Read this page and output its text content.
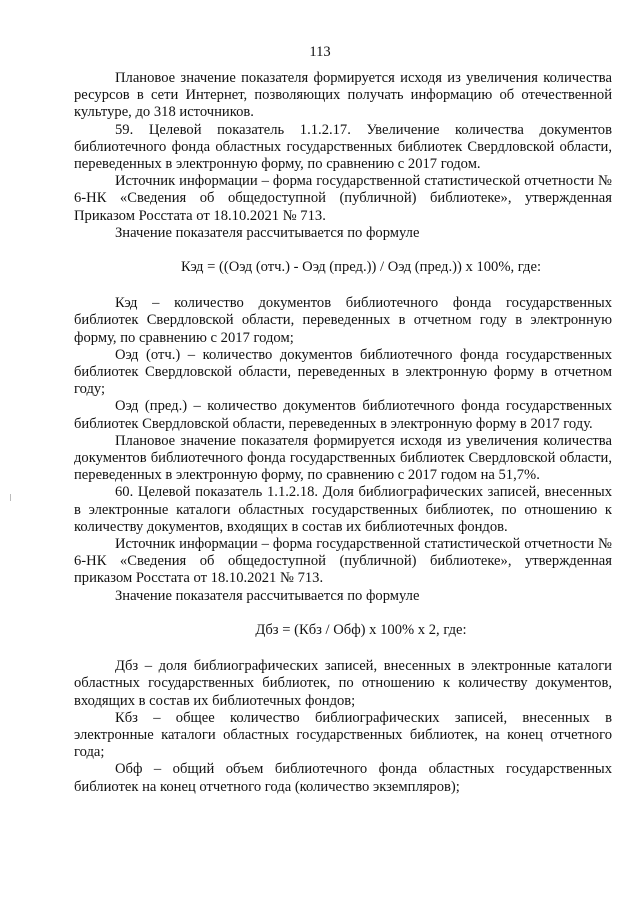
113

Плановое значение показателя формируется исходя из увеличения количества ресурсов в сети Интернет, позволяющих получать информацию об отечественной культуре, до 318 источников.

59. Целевой показатель 1.1.2.17. Увеличение количества документов библиотечного фонда областных государственных библиотек Свердловской области, переведенных в электронную форму, по сравнению с 2017 годом.

Источник информации – форма государственной статистической отчетности № 6-НК «Сведения об общедоступной (публичной) библиотеке», утвержденная Приказом Росстата от 18.10.2021 № 713.

Значение показателя рассчитывается по формуле

Кэд = ((Оэд (отч.) - Оэд (пред.)) / Оэд (пред.)) x 100%, где:

Кэд – количество документов библиотечного фонда государственных библиотек Свердловской области, переведенных в отчетном году в электронную форму, по сравнению с 2017 годом;

Оэд (отч.) – количество документов библиотечного фонда государственных библиотек Свердловской области, переведенных в электронную форму в отчетном году;

Оэд (пред.) – количество документов библиотечного фонда государственных библиотек Свердловской области, переведенных в электронную форму в 2017 году.

Плановое значение показателя формируется исходя из увеличения количества документов библиотечного фонда государственных библиотек Свердловской области, переведенных в электронную форму, по сравнению с 2017 годом на 51,7%.

60. Целевой показатель 1.1.2.18. Доля библиографических записей, внесенных в электронные каталоги областных государственных библиотек, по отношению к количеству документов, входящих в состав их библиотечных фондов.

Источник информации – форма государственной статистической отчетности № 6-НК «Сведения об общедоступной (публичной) библиотеке», утвержденная приказом Росстата от 18.10.2021 № 713.

Значение показателя рассчитывается по формуле

Дбз = (Кбз / Обф) х 100% х 2, где:

Дбз – доля библиографических записей, внесенных в электронные каталоги областных государственных библиотек, по отношению к количеству документов, входящих в состав их библиотечных фондов;

Кбз – общее количество библиографических записей, внесенных в электронные каталоги областных государственных библиотек, на конец отчетного года;

Обф – общий объем библиотечного фонда областных государственных библиотек на конец отчетного года (количество экземпляров);
